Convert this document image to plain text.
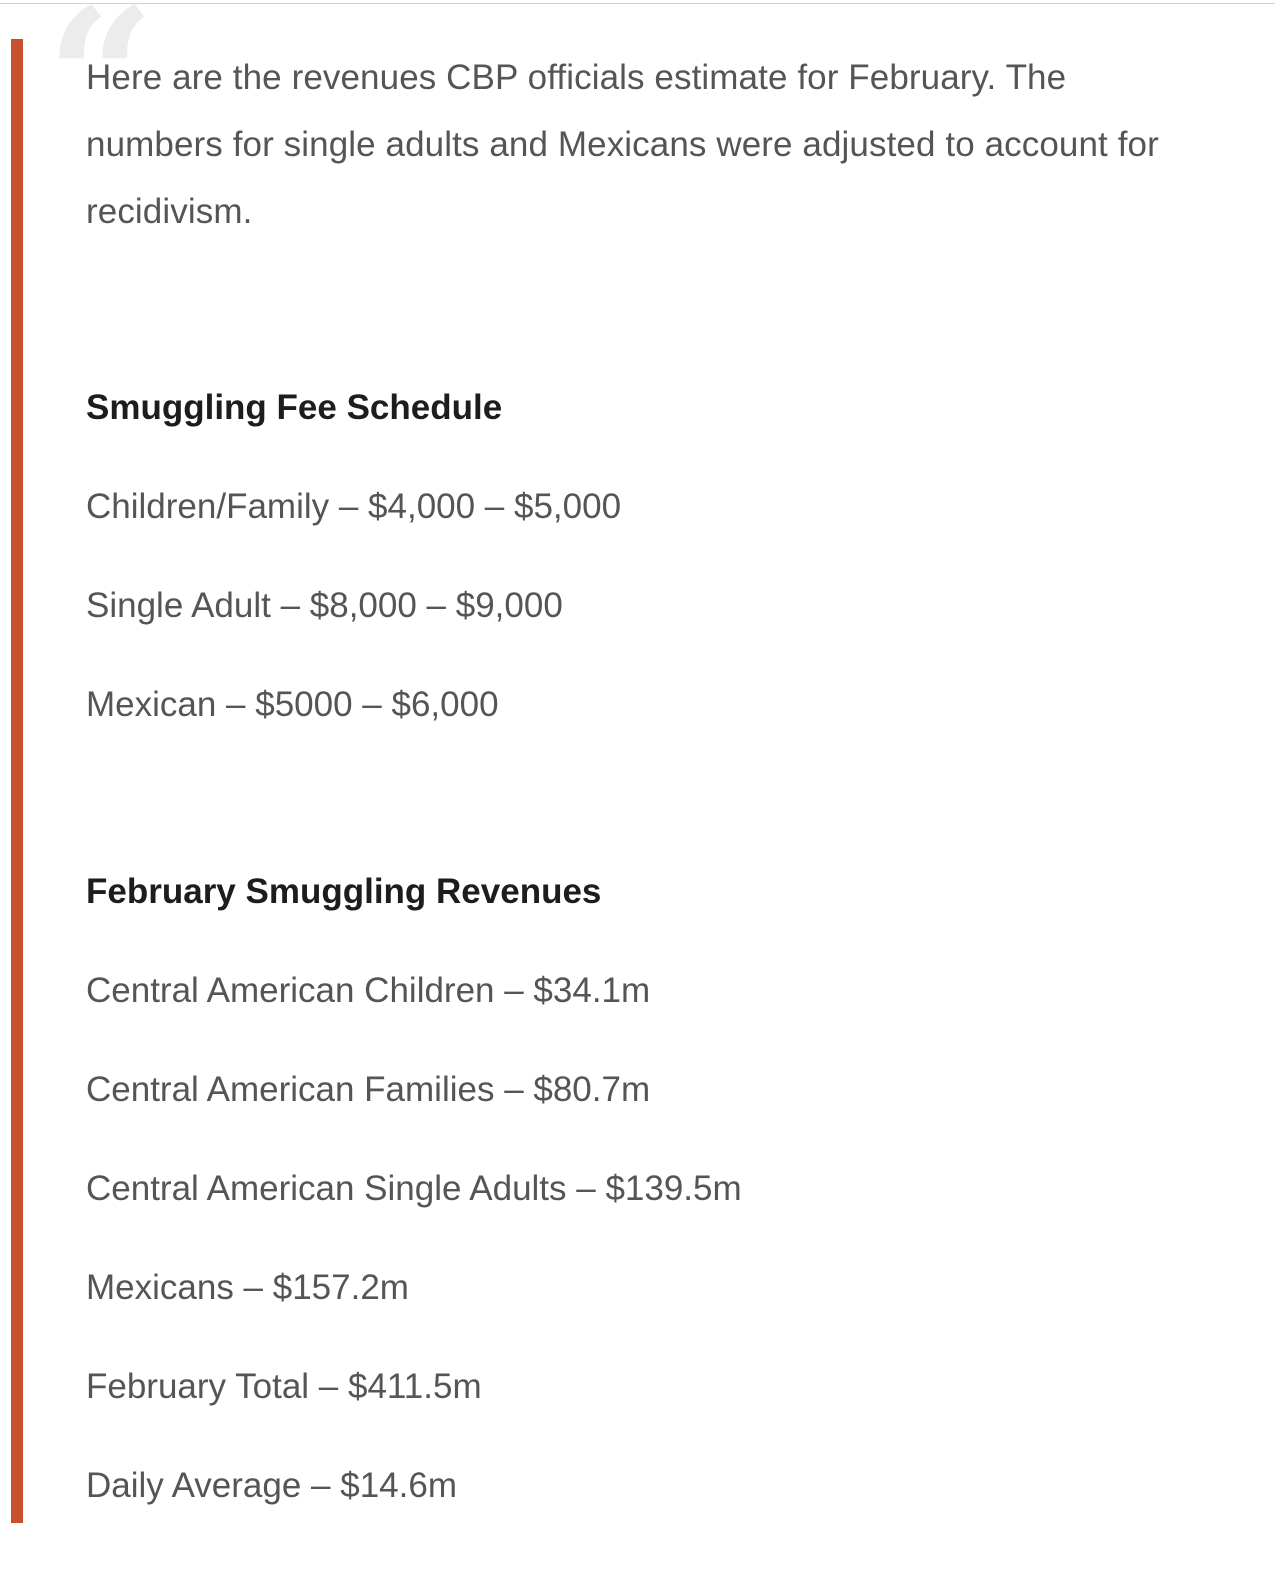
“

Here are the revenues CBP officials estimate for February. The numbers for single adults and Mexicans were adjusted to account for recidivism.

Smuggling Fee Schedule

Children/Family – $4,000 – $5,000

Single Adult – $8,000 – $9,000

Mexican – $5000 – $6,000

February Smuggling Revenues

Central American Children – $34.1m

Central American Families – $80.7m

Central American Single Adults – $139.5m

Mexicans – $157.2m

February Total – $411.5m

Daily Average – $14.6m
